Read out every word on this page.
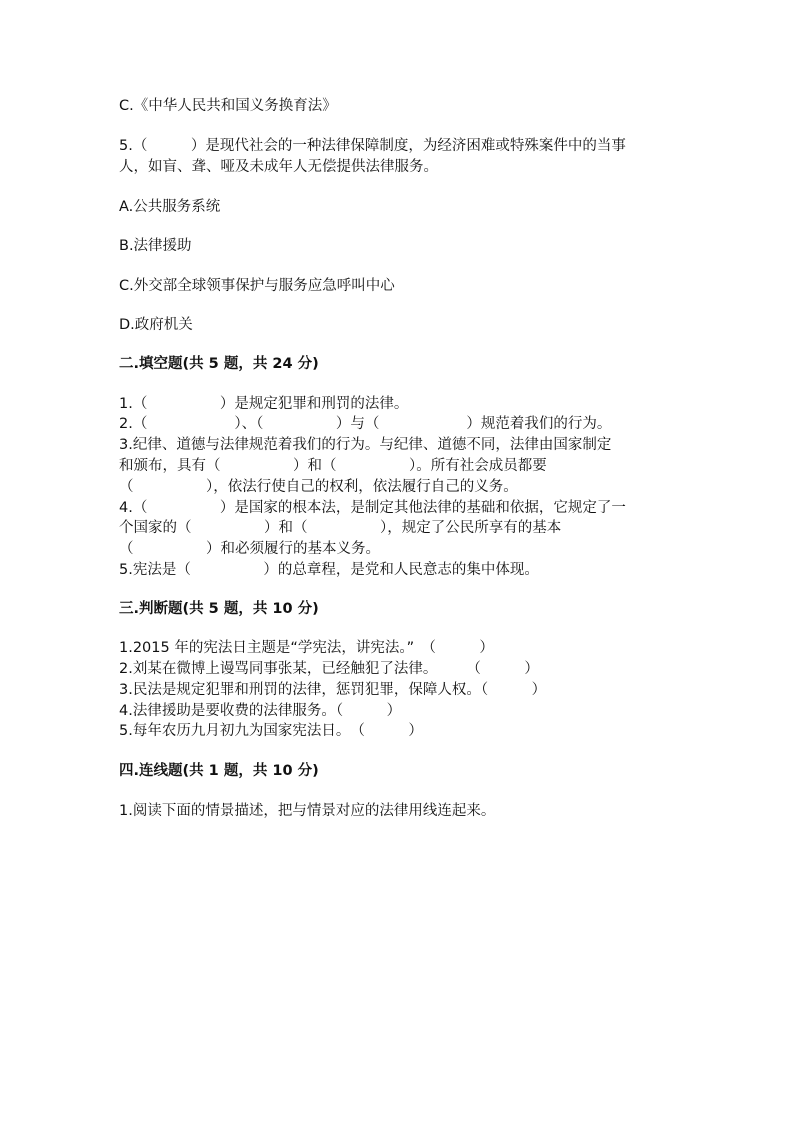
C.《中华人民共和国义务换育法》
5.（　　　）是现代社会的一种法律保障制度，为经济困难或特殊案件中的当事
人，如盲、聋、哑及未成年人无偿提供法律服务。
A.公共服务系统
B.法律援助
C.外交部全球领事保护与服务应急呼叫中心
D.政府机关
二.填空题(共 5 题，共 24 分)
1.（　　　　　）是规定犯罪和刑罚的法律。
2.（　　　　　　）、（　　　　　）与（　　　　　　）规范着我们的行为。
3.纪律、道德与法律规范着我们的行为。与纪律、道德不同，法律由国家制定
和颁布，具有（　　　　　）和（　　　　　）。所有社会成员都要
（　　　　　），依法行使自己的权利，依法履行自己的义务。
4.（　　　　　）是国家的根本法，是制定其他法律的基础和依据，它规定了一
个国家的（　　　　　）和（　　　　　），规定了公民所享有的基本
（　　　　　）和必须履行的基本义务。
5.宪法是（　　　　　）的总章程，是党和人民意志的集中体现。
三.判断题(共 5 题，共 10 分)
1.2015 年的宪法日主题是“学宪法，讲宪法。”　（　　　）
2.刘某在微博上谩骂同事张某，已经触犯了法律。　　　（　　　）
3.民法是规定犯罪和刑罚的法律，惩罚犯罪，保障人权。（　　　）
4.法律援助是要收费的法律服务。（　　　）
5.每年农历九月初九为国家宪法日。　（　　　）
四.连线题(共 1 题，共 10 分)
1.阅读下面的情景描述，把与情景对应的法律用线连起来。
